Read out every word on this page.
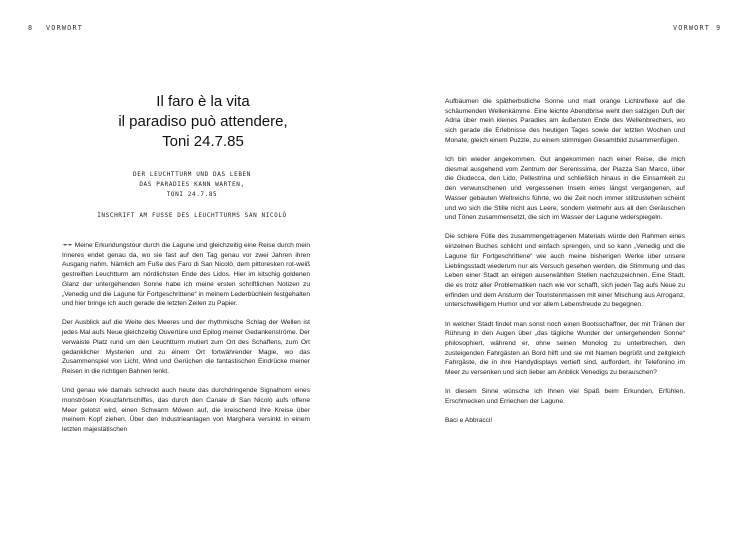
8 VORWORT
Il faro è la vita
il paradiso può attendere,
Toni 24.7.85
DER LEUCHTTURM UND DAS LEBEN
DAS PARADIES KANN WARTEN,
TONI 24.7.85
INSCHRIFT AM FUSSE DES LEUCHTTURMS SAN NICOLÒ

➛➛ Meine Erkundungstour durch die Lagune und gleichzeitig eine Reise durch mein Inneres endet genau da, wo sie fast auf den Tag genau vor zwei Jahren ihren Ausgang nahm. Nämlich am Fuße des Faro di San Nicolò, dem pittoresken rot-weiß gestreiften Leuchtturm am nördlichsten Ende des Lidos. Hier im kitschig goldenen Glanz der untergehenden Sonne habe ich meine ersten schriftlichen Notizen zu „Venedig und die Lagune für Fortgeschrittene“ in meinem Lederbüchlein festgehalten und hier bringe ich auch gerade die letzten Zeilen zu Papier.

Der Ausblick auf die Weite des Meeres und der rhythmische Schlag der Wellen ist jedes Mal aufs Neue gleichzeitig Ouvertüre und Epilog meiner Gedankenströme. Der verwaiste Platz rund um den Leuchtturm mutiert zum Ort des Schaffens, zum Ort gedanklicher Mysterien und zu einem Ort fortwährender Magie, wo das Zusammenspiel von Licht, Wind und Gerüchen die fantastischen Eindrücke meiner Reisen in die richtigen Bahnen lenkt.

Und genau wie damals schreckt auch heute das durchdringende Signalhorn eines monströsen Kreuzfahrtschiffes, das durch den Canale di San Nicolò aufs offene Meer gelotst wird, einen Schwarm Möwen auf, die kreischend ihre Kreise über meinem Kopf ziehen. Über den Industrieanlagen von Marghera versinkt in einem letzten majestätischen

VORWORT 9

Aufbäumen die spätherbstliche Sonne und malt orange Lichtreflexe auf die schäumenden Wellenkämme. Eine leichte Abendbrise weht den salzigen Duft der Adria über mein kleines Paradies am äußersten Ende des Wellenbrechers, wo sich gerade die Erlebnisse des heutigen Tages sowie der letzten Wochen und Monate, gleich einem Puzzle, zu einem stimmigen Gesamtbild zusammenfügen.

Ich bin wieder angekommen. Gut angekommen nach einer Reise, die mich diesmal ausgehend vom Zentrum der Serenissima, der Piazza San Marco, über die Giudecca, den Lido, Pellestrina und schließlich hinaus in die Einsamkeit zu den verwunschenen und vergessenen Inseln eines längst vergangenen, auf Wasser gebauten Weltreichs führte, wo die Zeit noch immer stillzustehen scheint und wo sich die Stille nicht aus Leere, sondern vielmehr aus all den Geräuschen und Tönen zusammensetzt, die sich im Wasser der Lagune widerspiegeln.

Die schiere Fülle des zusammengetragenen Materials würde den Rahmen eines einzelnen Buches schlicht und einfach sprengen, und so kann „Venedig und die Lagune für Fortgeschrittene“ wie auch meine bisherigen Werke über unsere Lieblingsstadt wiederum nur als Versuch gesehen werden, die Stimmung und das Leben einer Stadt an einigen auserwählten Stellen nachzuzeichnen. Eine Stadt, die es trotz aller Problematiken nach wie vor schafft, sich jeden Tag aufs Neue zu erfinden und dem Ansturm der Touristenmassen mit einer Mischung aus Arroganz, unterschwelligem Humor und vor allem Lebensfreude zu begegnen.

In welcher Stadt findet man sonst noch einen Bootsschaffner, der mit Tränen der Rührung in den Augen über „das tägliche Wunder der untergehenden Sonne“ philosophiert, während er, ohne seinen Monolog zu unterbrechen, den zusteigenden Fahrgästen an Bord hilft und sie mit Namen begrüßt und zeitgleich Fahrgäste, die in ihre Handydisplays vertieft sind, auffordert, ihr Telefonino im Meer zu versenken und sich lieber am Anblick Venedigs zu berauschen?

In diesem Sinne wünsche ich Ihnen viel Spaß beim Erkunden, Erfühlen, Erschmecken und Erriechen der Lagune.

Baci e Abbracci!
